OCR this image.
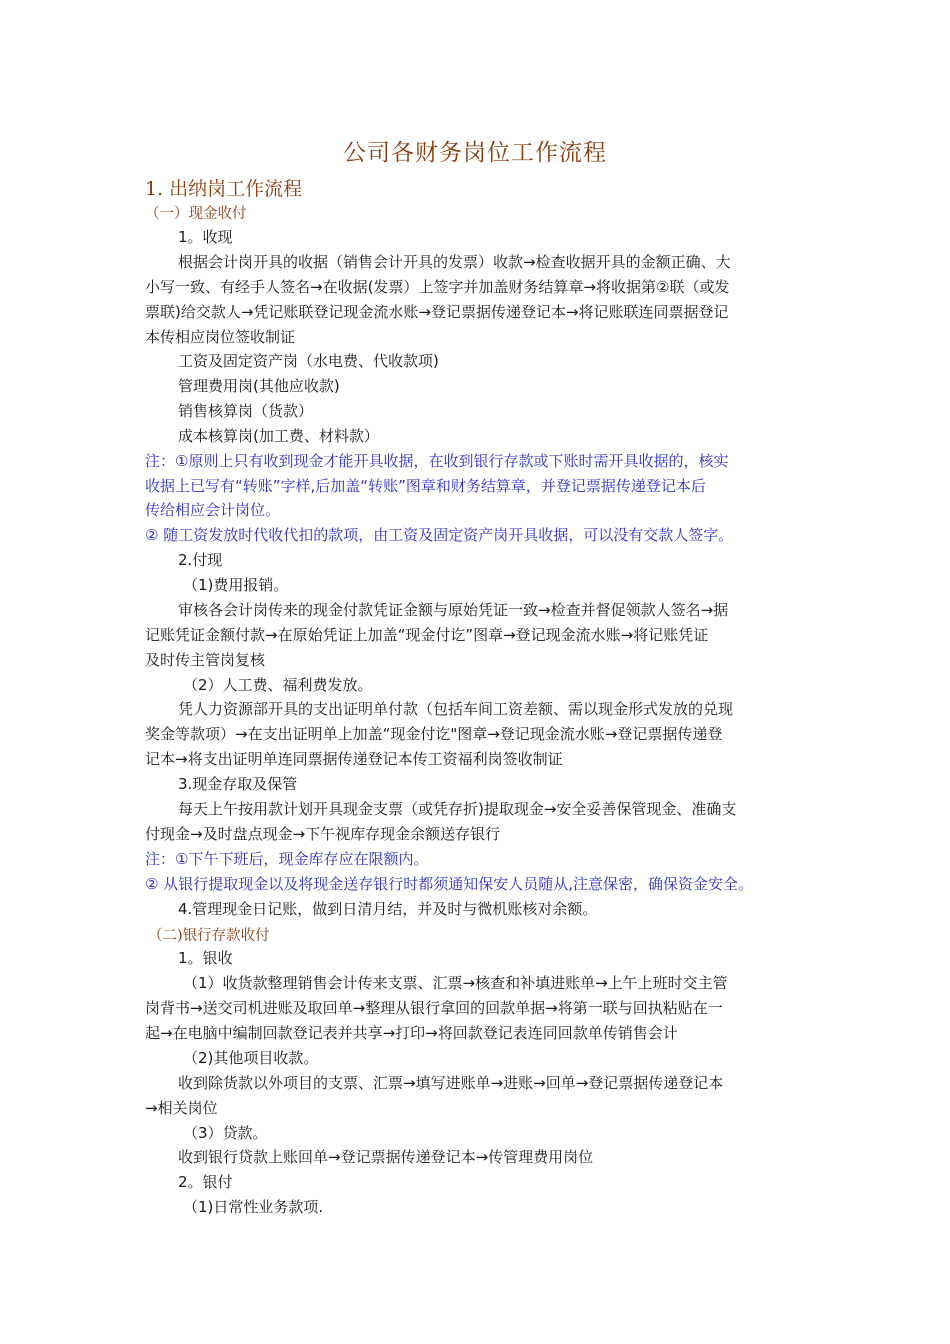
公司各财务岗位工作流程
1. 出纳岗工作流程
（一）现金收付
1。收现
根据会计岗开具的收据（销售会计开具的发票）收款→检查收据开具的金额正确、大
小写一致、有经手人签名→在收据(发票）上签字并加盖财务结算章→将收据第②联（或发
票联)给交款人→凭记账联登记现金流水账→登记票据传递登记本→将记账联连同票据登记
本传相应岗位签收制证
工资及固定资产岗（水电费、代收款项)
管理费用岗(其他应收款)
销售核算岗（货款）
成本核算岗(加工费、材料款）
注：①原则上只有收到现金才能开具收据，在收到银行存款或下账时需开具收据的，核实
收据上已写有“转账”字样,后加盖“转账”图章和财务结算章，并登记票据传递登记本后
传给相应会计岗位。
② 随工资发放时代收代扣的款项，由工资及固定资产岗开具收据，可以没有交款人签字。
2.付现
（1)费用报销。
审核各会计岗传来的现金付款凭证金额与原始凭证一致→检查并督促领款人签名→据
记账凭证金额付款→在原始凭证上加盖“现金付讫”图章→登记现金流水账→将记账凭证
及时传主管岗复核
（2）人工费、福利费发放。
凭人力资源部开具的支出证明单付款（包括车间工资差额、需以现金形式发放的兑现
奖金等款项）→在支出证明单上加盖“现金付讫"图章→登记现金流水账→登记票据传递登
记本→将支出证明单连同票据传递登记本传工资福利岗签收制证
3.现金存取及保管
每天上午按用款计划开具现金支票（或凭存折)提取现金→安全妥善保管现金、准确支
付现金→及时盘点现金→下午视库存现金余额送存银行
注：①下午下班后，现金库存应在限额内。
② 从银行提取现金以及将现金送存银行时都须通知保安人员随从,注意保密，确保资金安全。
4.管理现金日记账，做到日清月结，并及时与微机账核对余额。
（二)银行存款收付
1。银收
（1）收货款整理销售会计传来支票、汇票→核查和补填进账单→上午上班时交主管
岗背书→送交司机进账及取回单→整理从银行拿回的回款单据→将第一联与回执粘贴在一
起→在电脑中编制回款登记表并共享→打印→将回款登记表连同回款单传销售会计
（2)其他项目收款。
收到除货款以外项目的支票、汇票→填写进账单→进账→回单→登记票据传递登记本
→相关岗位
（3）贷款。
收到银行贷款上账回单→登记票据传递登记本→传管理费用岗位
2。银付
（1)日常性业务款项.
